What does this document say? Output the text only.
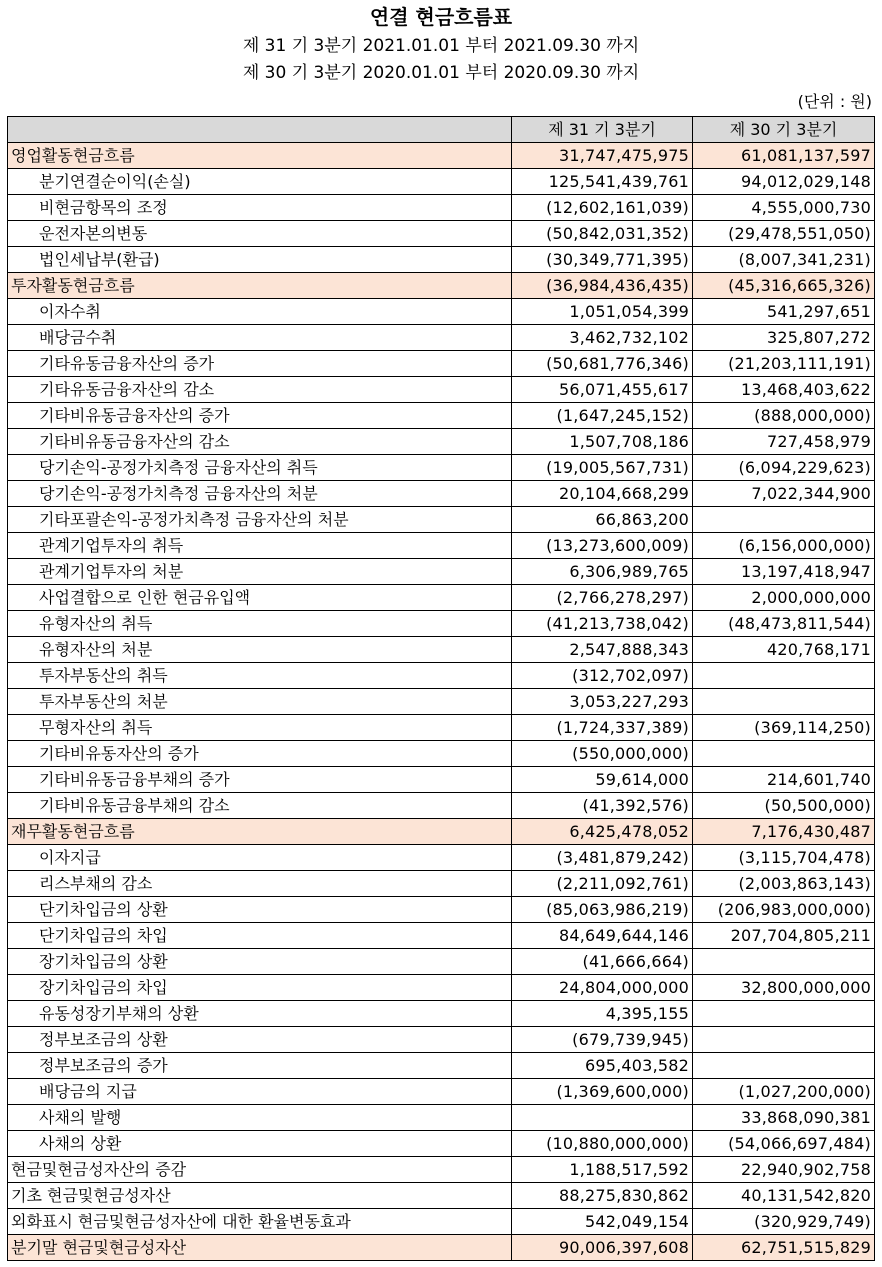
연결 현금흐름표
제 31 기 3분기 2021.01.01 부터 2021.09.30 까지
제 30 기 3분기 2020.01.01 부터 2020.09.30 까지
(단위 : 원)
	제 31 기 3분기	제 30 기 3분기
영업활동현금흐름	31,747,475,975	61,081,137,597
분기연결순이익(손실)	125,541,439,761	94,012,029,148
비현금항목의 조정	(12,602,161,039)	4,555,000,730
운전자본의변동	(50,842,031,352)	(29,478,551,050)
법인세납부(환급)	(30,349,771,395)	(8,007,341,231)
투자활동현금흐름	(36,984,436,435)	(45,316,665,326)
이자수취	1,051,054,399	541,297,651
배당금수취	3,462,732,102	325,807,272
기타유동금융자산의 증가	(50,681,776,346)	(21,203,111,191)
기타유동금융자산의 감소	56,071,455,617	13,468,403,622
기타비유동금융자산의 증가	(1,647,245,152)	(888,000,000)
기타비유동금융자산의 감소	1,507,708,186	727,458,979
당기손익-공정가치측정 금융자산의 취득	(19,005,567,731)	(6,094,229,623)
당기손익-공정가치측정 금융자산의 처분	20,104,668,299	7,022,344,900
기타포괄손익-공정가치측정 금융자산의 처분	66,863,200	
관계기업투자의 취득	(13,273,600,009)	(6,156,000,000)
관계기업투자의 처분	6,306,989,765	13,197,418,947
사업결합으로 인한 현금유입액	(2,766,278,297)	2,000,000,000
유형자산의 취득	(41,213,738,042)	(48,473,811,544)
유형자산의 처분	2,547,888,343	420,768,171
투자부동산의 취득	(312,702,097)	
투자부동산의 처분	3,053,227,293	
무형자산의 취득	(1,724,337,389)	(369,114,250)
기타비유동자산의 증가	(550,000,000)	
기타비유동금융부채의 증가	59,614,000	214,601,740
기타비유동금융부채의 감소	(41,392,576)	(50,500,000)
재무활동현금흐름	6,425,478,052	7,176,430,487
이자지급	(3,481,879,242)	(3,115,704,478)
리스부채의 감소	(2,211,092,761)	(2,003,863,143)
단기차입금의 상환	(85,063,986,219)	(206,983,000,000)
단기차입금의 차입	84,649,644,146	207,704,805,211
장기차입금의 상환	(41,666,664)	
장기차입금의 차입	24,804,000,000	32,800,000,000
유동성장기부채의 상환	4,395,155	
정부보조금의 상환	(679,739,945)	
정부보조금의 증가	695,403,582	
배당금의 지급	(1,369,600,000)	(1,027,200,000)
사채의 발행		33,868,090,381
사채의 상환	(10,880,000,000)	(54,066,697,484)
현금및현금성자산의 증감	1,188,517,592	22,940,902,758
기초 현금및현금성자산	88,275,830,862	40,131,542,820
외화표시 현금및현금성자산에 대한 환율변동효과	542,049,154	(320,929,749)
분기말 현금및현금성자산	90,006,397,608	62,751,515,829
